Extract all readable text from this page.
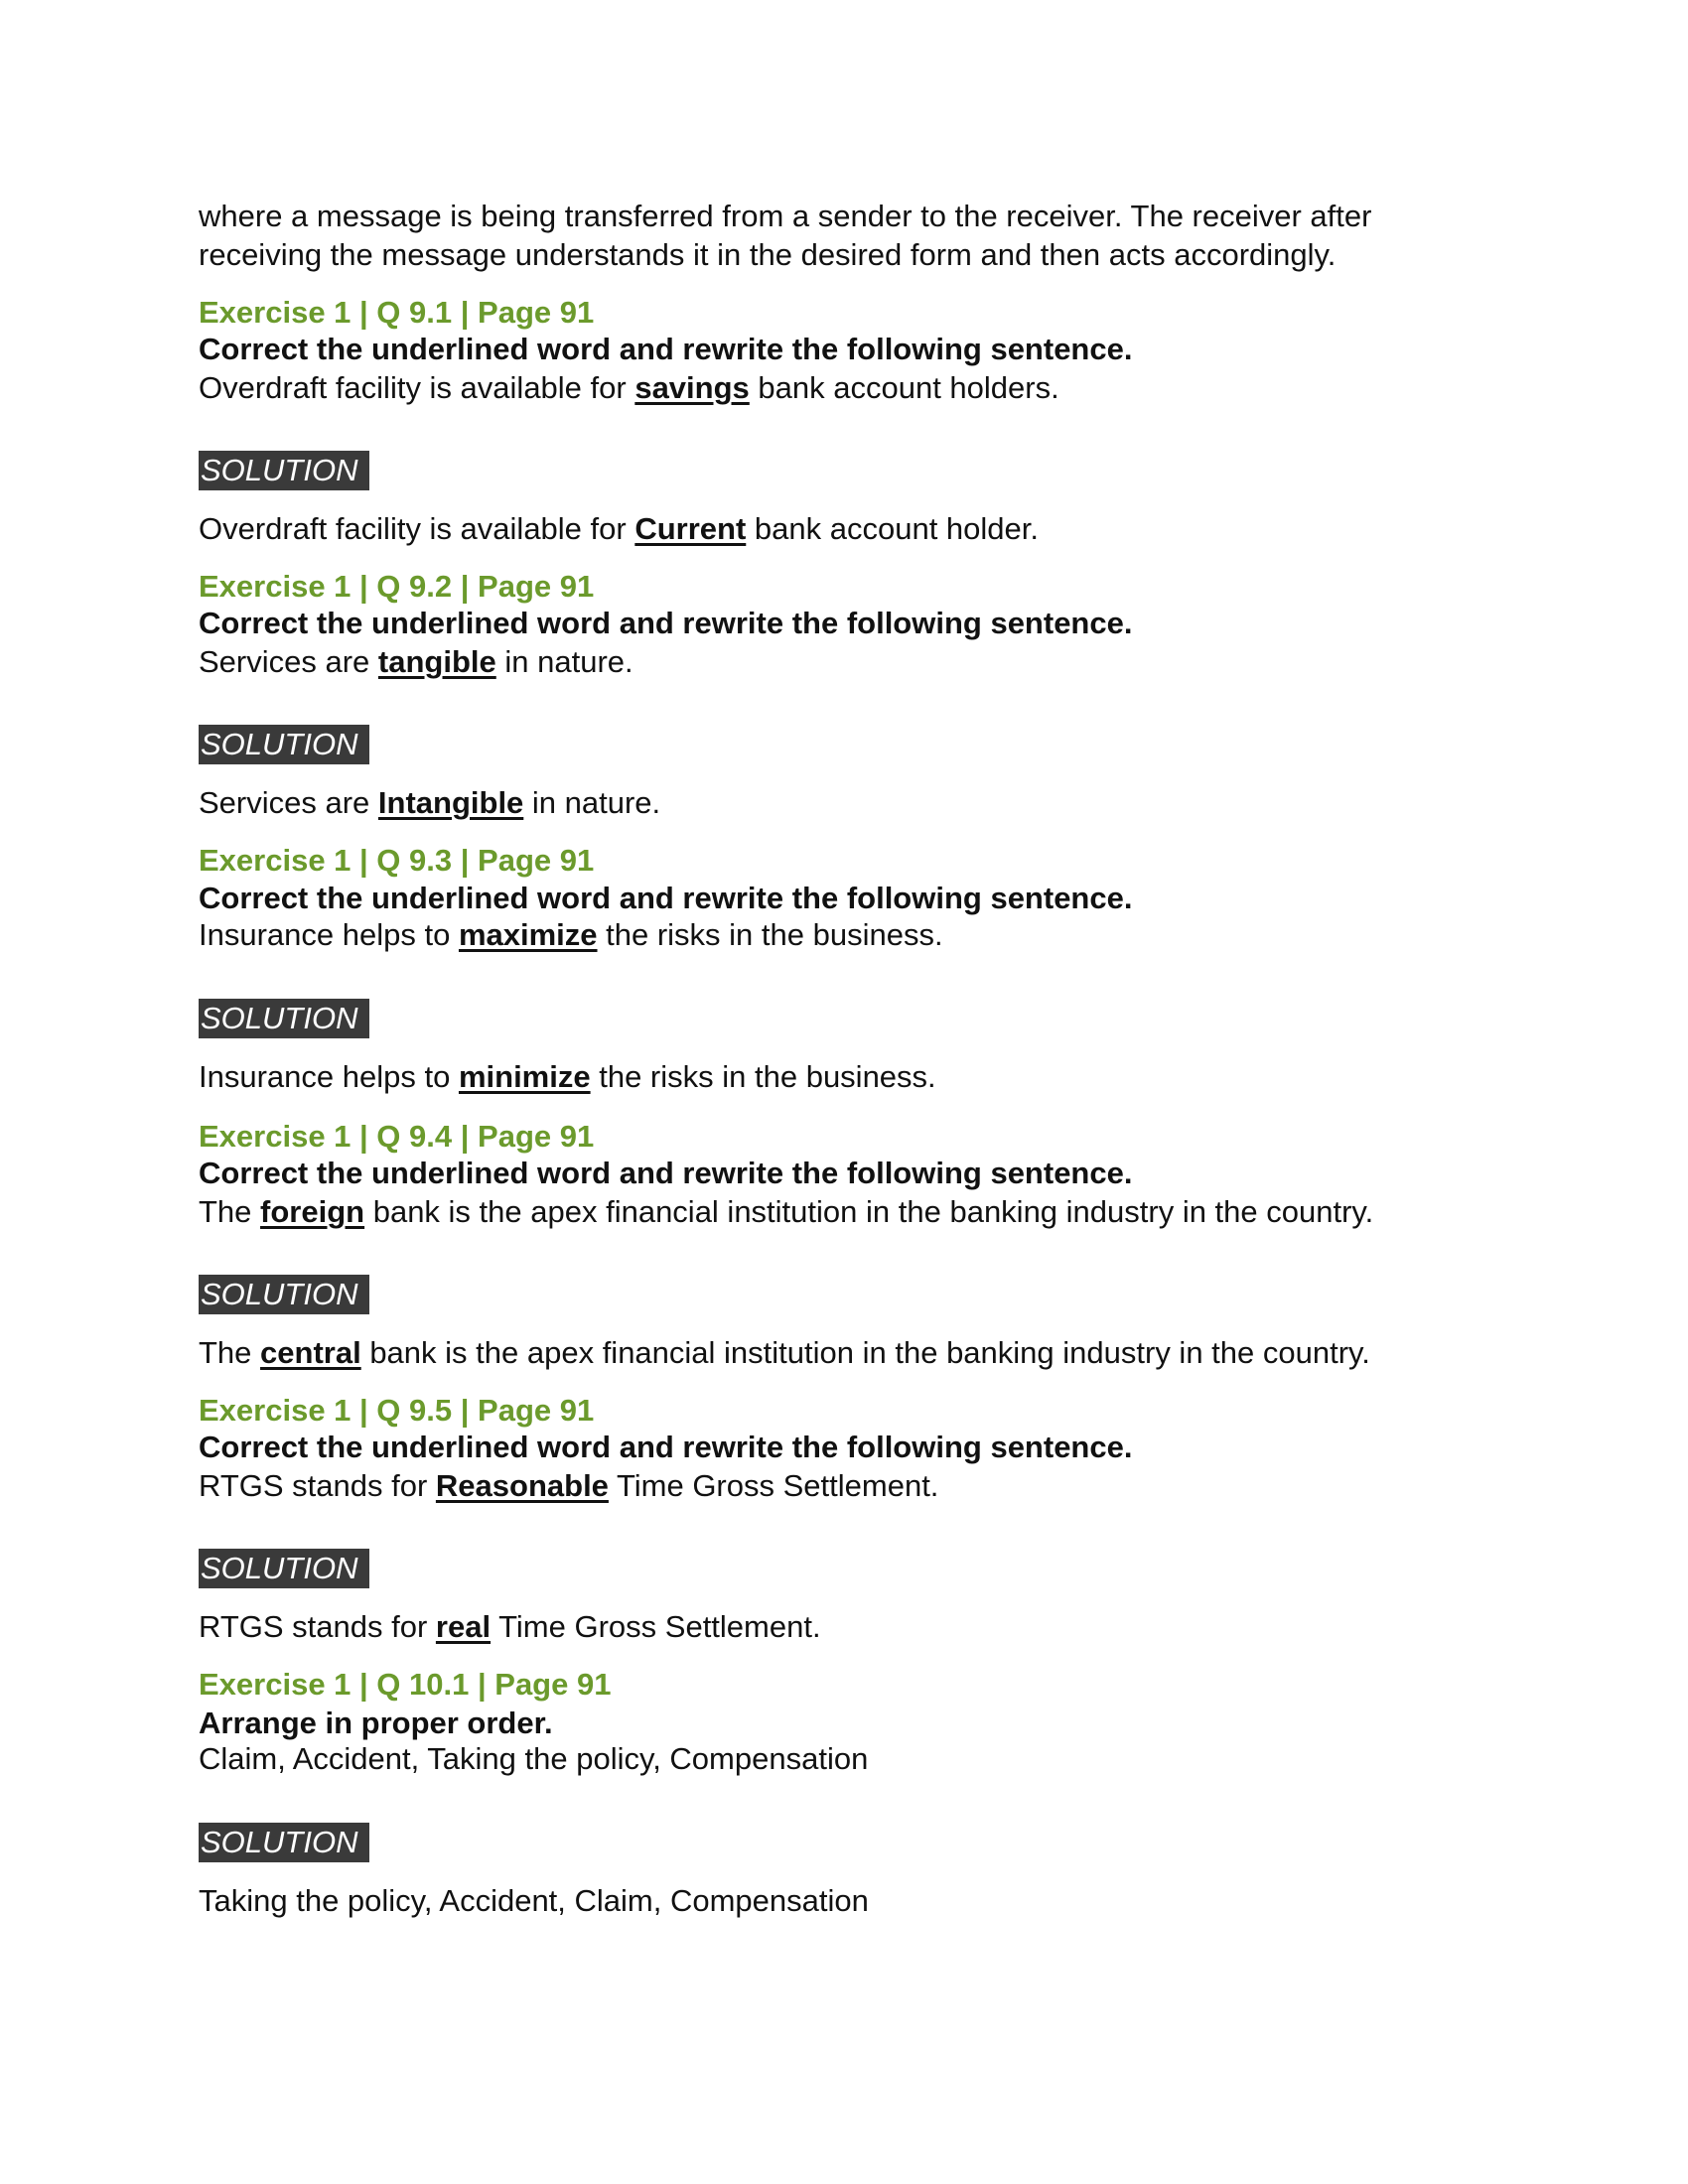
where a message is being transferred from a sender to the receiver. The receiver after
receiving the message understands it in the desired form and then acts accordingly.

Exercise 1 | Q 9.1 | Page 91

Correct the underlined word and rewrite the following sentence.

Overdraft facility is available for savings bank account holders.

SOLUTION

Overdraft facility is available for Current bank account holder.

Exercise 1 | Q 9.2 | Page 91

Correct the underlined word and rewrite the following sentence.

Services are tangible in nature.

SOLUTION

Services are Intangible in nature.

Exercise 1 | Q 9.3 | Page 91

Correct the underlined word and rewrite the following sentence.

Insurance helps to maximize the risks in the business.

SOLUTION

Insurance helps to minimize the risks in the business.

Exercise 1 | Q 9.4 | Page 91

Correct the underlined word and rewrite the following sentence.

The foreign bank is the apex financial institution in the banking industry in the country.

SOLUTION

The central bank is the apex financial institution in the banking industry in the country.

Exercise 1 | Q 9.5 | Page 91

Correct the underlined word and rewrite the following sentence.

RTGS stands for Reasonable Time Gross Settlement.

SOLUTION

RTGS stands for real Time Gross Settlement.

Exercise 1 | Q 10.1 | Page 91

Arrange in proper order.

Claim, Accident, Taking the policy, Compensation

SOLUTION

Taking the policy, Accident, Claim, Compensation
